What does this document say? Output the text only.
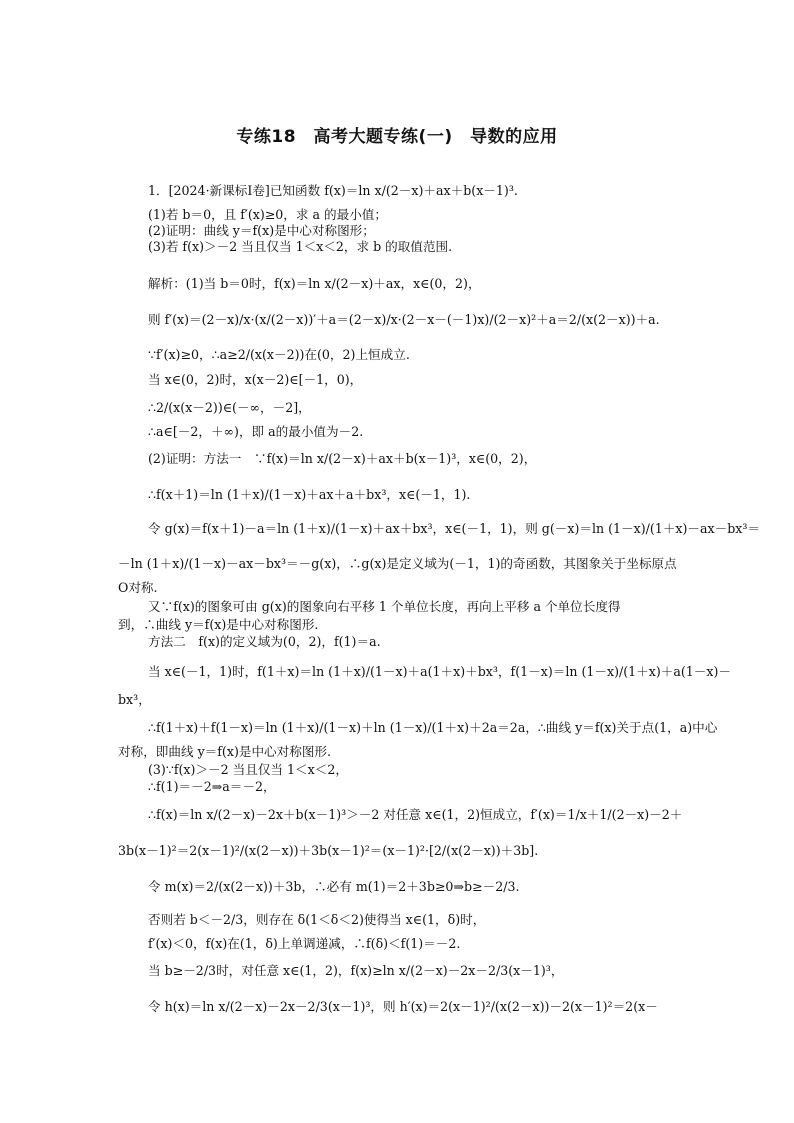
专练18　高考大题专练(一)　导数的应用
1．[2024·新课标Ⅰ卷]已知函数 f(x)＝ln x/(2－x)＋ax＋b(x－1)³.
(1)若 b＝0，且 f′(x)≥0，求 a 的最小值；
(2)证明：曲线 y＝f(x)是中心对称图形；
(3)若 f(x)＞－2 当且仅当 1＜x＜2，求 b 的取值范围.
解析：(1)当 b＝0时，f(x)＝ln x/(2－x)＋ax，x∈(0，2)，
则 f′(x)＝(2－x)/x·(x/(2－x))′＋a＝(2－x)/x·(2－x－(－1)x)/(2－x)²＋a＝2/(x(2－x))＋a.
∵f′(x)≥0，∴a≥2/(x(x－2))在(0，2)上恒成立.
当 x∈(0，2)时，x(x－2)∈[－1，0)，
∴2/(x(x－2))∈(－∞，－2]，
∴a∈[－2，＋∞)，即 a的最小值为－2.
(2)证明：方法一　∵f(x)＝ln x/(2－x)＋ax＋b(x－1)³，x∈(0，2)，
∴f(x＋1)＝ln (1＋x)/(1－x)＋ax＋a＋bx³，x∈(－1，1).
令 g(x)＝f(x＋1)－a＝ln (1＋x)/(1－x)＋ax＋bx³，x∈(－1，1)，则 g(－x)＝ln (1－x)/(1＋x)－ax－bx³＝
－ln (1＋x)/(1－x)－ax－bx³＝－g(x)，∴g(x)是定义域为(－1，1)的奇函数，其图象关于坐标原点
O对称.
又∵f(x)的图象可由 g(x)的图象向右平移 1 个单位长度，再向上平移 a 个单位长度得
到，∴曲线 y＝f(x)是中心对称图形.
方法二　f(x)的定义域为(0，2)，f(1)＝a.
当 x∈(－1，1)时，f(1＋x)＝ln (1＋x)/(1－x)＋a(1＋x)＋bx³，f(1－x)＝ln (1－x)/(1＋x)＋a(1－x)－
bx³，
∴f(1＋x)＋f(1－x)＝ln (1＋x)/(1－x)＋ln (1－x)/(1＋x)＋2a＝2a，∴曲线 y＝f(x)关于点(1，a)中心
对称，即曲线 y＝f(x)是中心对称图形.
(3)∵f(x)＞－2 当且仅当 1＜x＜2，
∴f(1)＝－2⇒a＝－2，
∴f(x)＝ln x/(2－x)－2x＋b(x－1)³＞－2 对任意 x∈(1，2)恒成立，f′(x)＝1/x＋1/(2－x)－2＋
3b(x－1)²＝2(x－1)²/(x(2－x))＋3b(x－1)²＝(x－1)²·[2/(x(2－x))＋3b].
令 m(x)＝2/(x(2－x))＋3b，∴必有 m(1)＝2＋3b≥0⇒b≥－2/3.
否则若 b＜－2/3，则存在 δ(1＜δ＜2)使得当 x∈(1，δ)时，
f′(x)＜0，f(x)在(1，δ)上单调递减，∴f(δ)＜f(1)＝－2.
当 b≥－2/3时，对任意 x∈(1，2)，f(x)≥ln x/(2－x)－2x－2/3(x－1)³，
令 h(x)＝ln x/(2－x)－2x－2/3(x－1)³，则 h′(x)＝2(x－1)²/(x(2－x))－2(x－1)²＝2(x－
